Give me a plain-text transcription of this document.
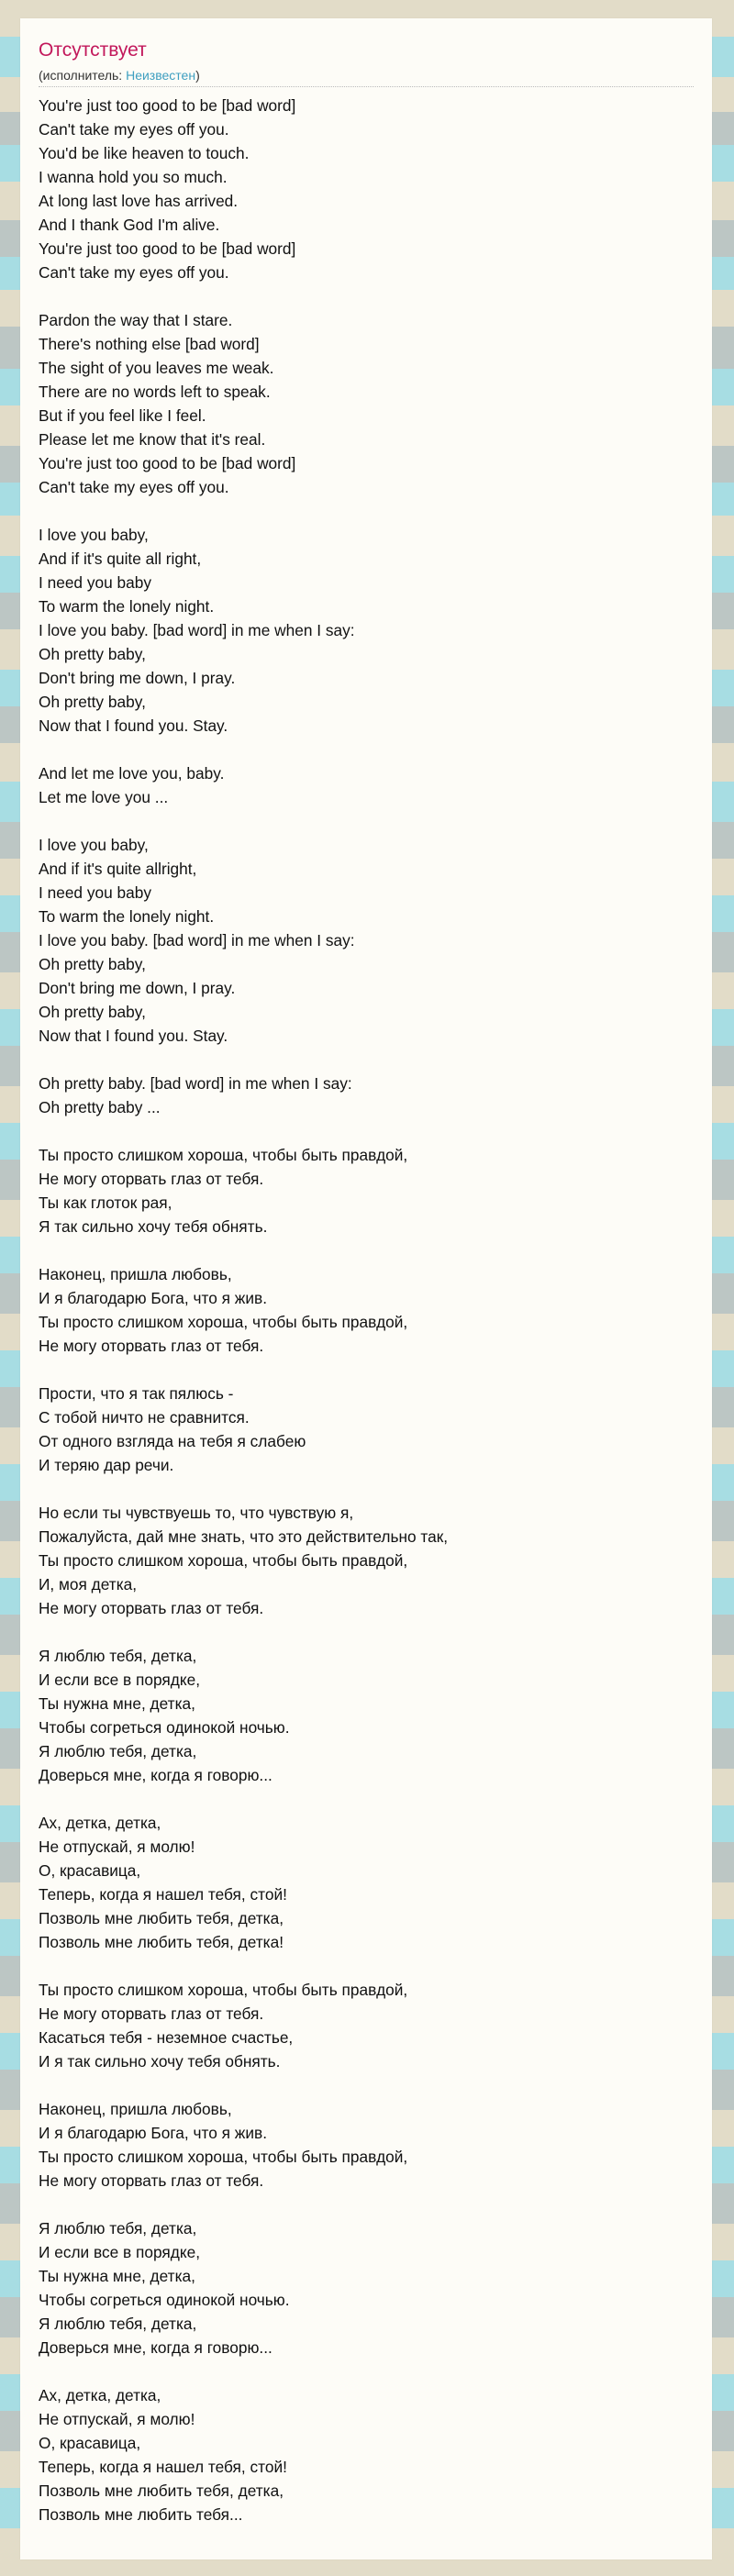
Отсутствует
(исполнитель: Неизвестен)
You're just too good to be [bad word]
Can't take my eyes off you.
You'd be like heaven to touch.
I wanna hold you so much.
At long last love has arrived.
And I thank God I'm alive.
You're just too good to be [bad word]
Can't take my eyes off you.
Pardon the way that I stare.
There's nothing else [bad word]
The sight of you leaves me weak.
There are no words left to speak.
But if you feel like I feel.
Please let me know that it's real.
You're just too good to be [bad word]
Can't take my eyes off you.
I love you baby,
And if it's quite all right,
I need you baby
To warm the lonely night.
I love you baby. [bad word] in me when I say:
Oh pretty baby,
Don't bring me down, I pray.
Oh pretty baby,
Now that I found you. Stay.
And let me love you, baby.
Let me love you ...
I love you baby,
And if it's quite allright,
I need you baby
To warm the lonely night.
I love you baby. [bad word] in me when I say:
Oh pretty baby,
Don't bring me down, I pray.
Oh pretty baby,
Now that I found you. Stay.
Oh pretty baby. [bad word] in me when I say:
Oh pretty baby ...
Ты просто слишком хороша, чтобы быть правдой,
Не могу оторвать глаз от тебя.
Ты как глоток рая,
Я так сильно хочу тебя обнять.
Наконец, пришла любовь,
И я благодарю Бога, что я жив.
Ты просто слишком хороша, чтобы быть правдой,
Не могу оторвать глаз от тебя.
Прости, что я так пялюсь -
С тобой ничто не сравнится.
От одного взгляда на тебя я слабею
И теряю дар речи.
Но если ты чувствуешь то, что чувствую я,
Пожалуйста, дай мне знать, что это действительно так,
Ты просто слишком хороша, чтобы быть правдой,
И, моя детка,
Не могу оторвать глаз от тебя.
Я люблю тебя, детка,
И если все в порядке,
Ты нужна мне, детка,
Чтобы согреться одинокой ночью.
Я люблю тебя, детка,
Доверься мне, когда я говорю...
Ах, детка, детка,
Не отпускай, я молю!
О, красавица,
Теперь, когда я нашел тебя, стой!
Позволь мне любить тебя, детка,
Позволь мне любить тебя, детка!
Ты просто слишком хороша, чтобы быть правдой,
Не могу оторвать глаз от тебя.
Касаться тебя - неземное счастье,
И я так сильно хочу тебя обнять.
Наконец, пришла любовь,
И я благодарю Бога, что я жив.
Ты просто слишком хороша, чтобы быть правдой,
Не могу оторвать глаз от тебя.
Я люблю тебя, детка,
И если все в порядке,
Ты нужна мне, детка,
Чтобы согреться одинокой ночью.
Я люблю тебя, детка,
Доверься мне, когда я говорю...
Ах, детка, детка,
Не отпускай, я молю!
О, красавица,
Теперь, когда я нашел тебя, стой!
Позволь мне любить тебя, детка,
Позволь мне любить тебя...
